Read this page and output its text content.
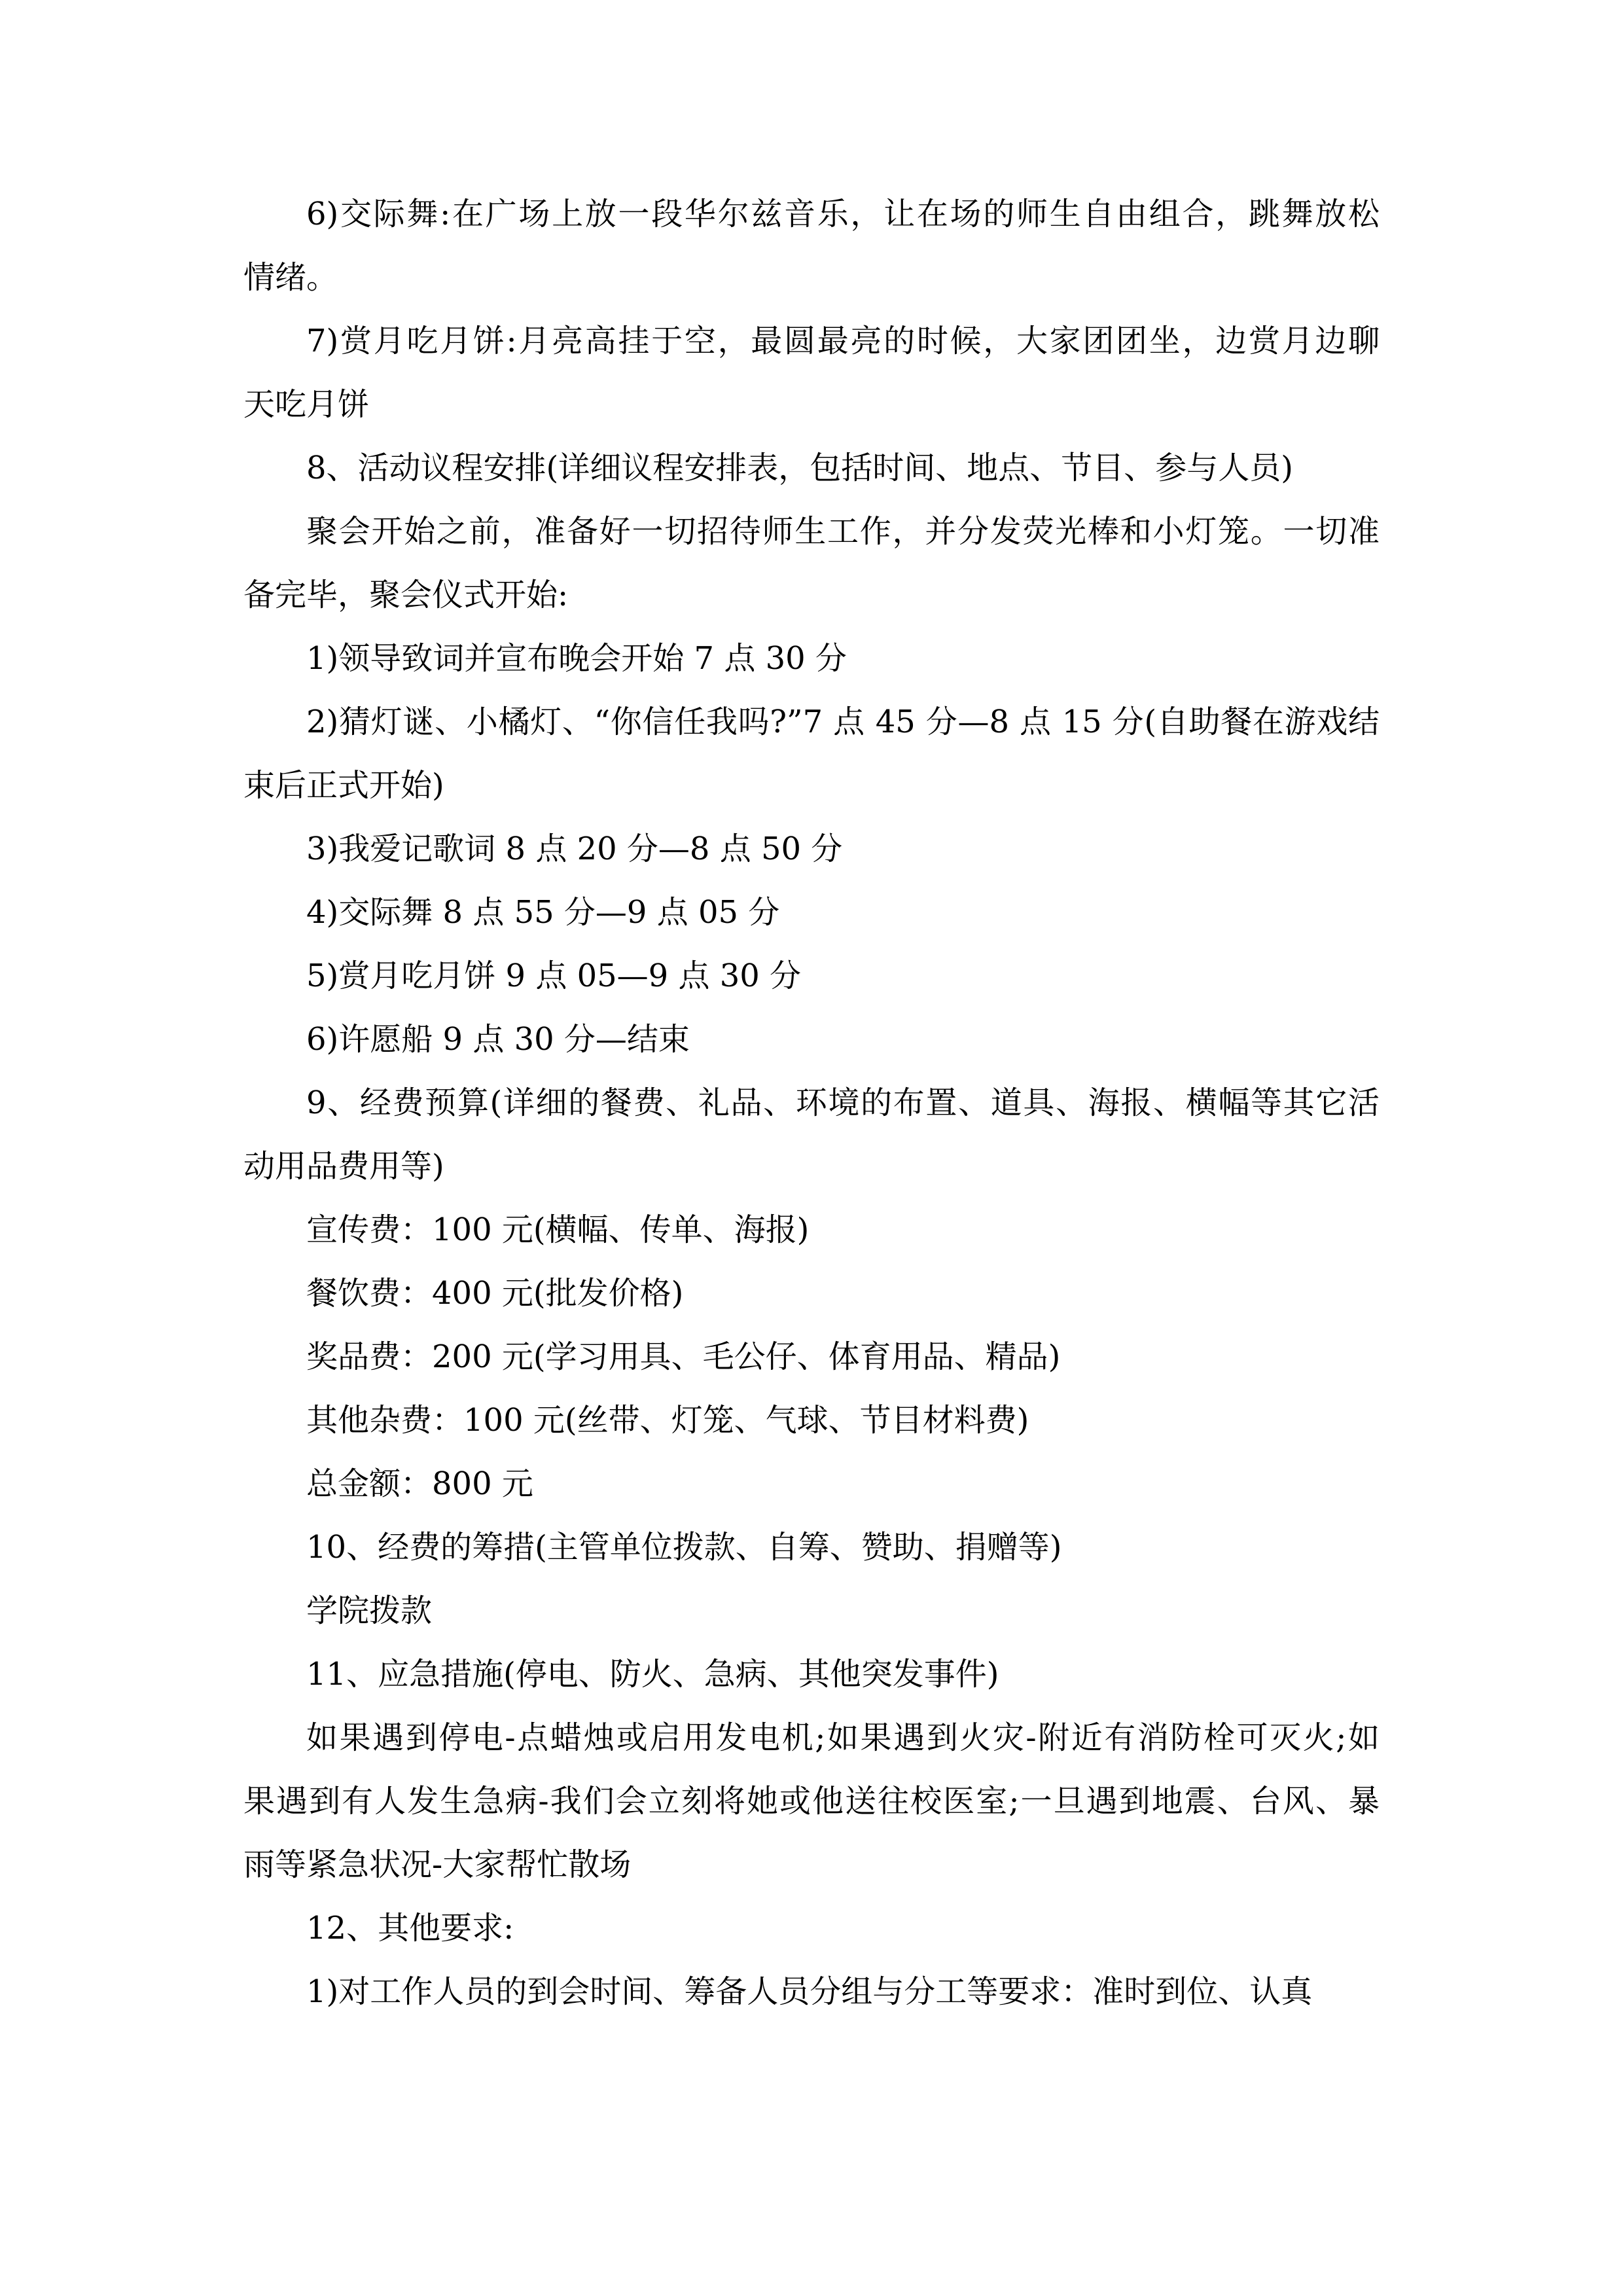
6)交际舞:在广场上放一段华尔兹音乐，让在场的师生自由组合，跳舞放松
情绪。
7)赏月吃月饼:月亮高挂于空，最圆最亮的时候，大家团团坐，边赏月边聊
天吃月饼
8、活动议程安排(详细议程安排表，包括时间、地点、节目、参与人员)
聚会开始之前，准备好一切招待师生工作，并分发荧光棒和小灯笼。一切准
备完毕，聚会仪式开始:
1)领导致词并宣布晚会开始 7 点 30 分
2)猜灯谜、小橘灯、“你信任我吗?”7 点 45 分—8 点 15 分(自助餐在游戏结
束后正式开始)
3)我爱记歌词 8 点 20 分—8 点 50 分
4)交际舞 8 点 55 分—9 点 05 分
5)赏月吃月饼 9 点 05—9 点 30 分
6)许愿船 9 点 30 分—结束
9、经费预算(详细的餐费、礼品、环境的布置、道具、海报、横幅等其它活
动用品费用等)
宣传费：100 元(横幅、传单、海报)
餐饮费：400 元(批发价格)
奖品费：200 元(学习用具、毛公仔、体育用品、精品)
其他杂费：100 元(丝带、灯笼、气球、节目材料费)
总金额：800 元
10、经费的筹措(主管单位拨款、自筹、赞助、捐赠等)
学院拨款
11、应急措施(停电、防火、急病、其他突发事件)
如果遇到停电-点蜡烛或启用发电机;如果遇到火灾-附近有消防栓可灭火;如
果遇到有人发生急病-我们会立刻将她或他送往校医室;一旦遇到地震、台风、暴
雨等紧急状况-大家帮忙散场
12、其他要求:
1)对工作人员的到会时间、筹备人员分组与分工等要求：准时到位、认真
